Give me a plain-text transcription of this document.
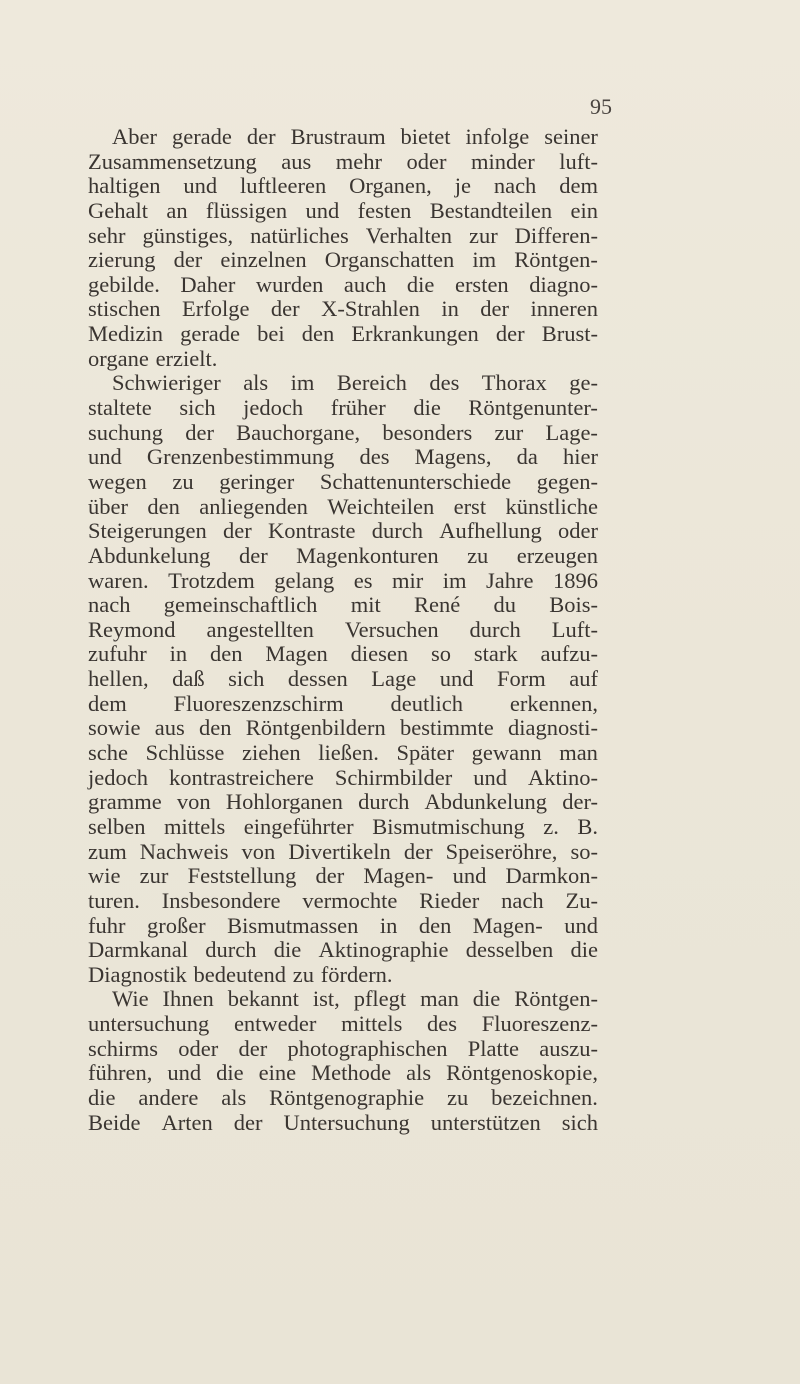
95
Aber gerade der Brustraum bietet infolge seiner
Zusammensetzung aus mehr oder minder luft-
haltigen und luftleeren Organen, je nach dem
Gehalt an flüssigen und festen Bestandteilen ein
sehr günstiges, natürliches Verhalten zur Differen-
zierung der einzelnen Organschatten im Röntgen-
gebilde. Daher wurden auch die ersten diagno-
stischen Erfolge der X-Strahlen in der inneren
Medizin gerade bei den Erkrankungen der Brust-
organe erzielt.
Schwieriger als im Bereich des Thorax ge-
staltete sich jedoch früher die Röntgenunter-
suchung der Bauchorgane, besonders zur Lage-
und Grenzenbestimmung des Magens, da hier
wegen zu geringer Schattenunterschiede gegen-
über den anliegenden Weichteilen erst künstliche
Steigerungen der Kontraste durch Aufhellung oder
Abdunkelung der Magenkonturen zu erzeugen
waren. Trotzdem gelang es mir im Jahre 1896
nach gemeinschaftlich mit René du Bois-
Reymond angestellten Versuchen durch Luft-
zufuhr in den Magen diesen so stark aufzu-
hellen, daß sich dessen Lage und Form auf
dem Fluoreszenzschirm deutlich erkennen,
sowie aus den Röntgenbildern bestimmte diagnosti-
sche Schlüsse ziehen ließen. Später gewann man
jedoch kontrastreichere Schirmbilder und Aktino-
gramme von Hohlorganen durch Abdunkelung der-
selben mittels eingeführter Bismutmischung z. B.
zum Nachweis von Divertikeln der Speiseröhre, so-
wie zur Feststellung der Magen- und Darmkon-
turen. Insbesondere vermochte Rieder nach Zu-
fuhr großer Bismutmassen in den Magen- und
Darmkanal durch die Aktinographie desselben die
Diagnostik bedeutend zu fördern.
Wie Ihnen bekannt ist, pflegt man die Röntgen-
untersuchung entweder mittels des Fluoreszenz-
schirms oder der photographischen Platte auszu-
führen, und die eine Methode als Röntgenoskopie,
die andere als Röntgenographie zu bezeichnen.
Beide Arten der Untersuchung unterstützen sich
